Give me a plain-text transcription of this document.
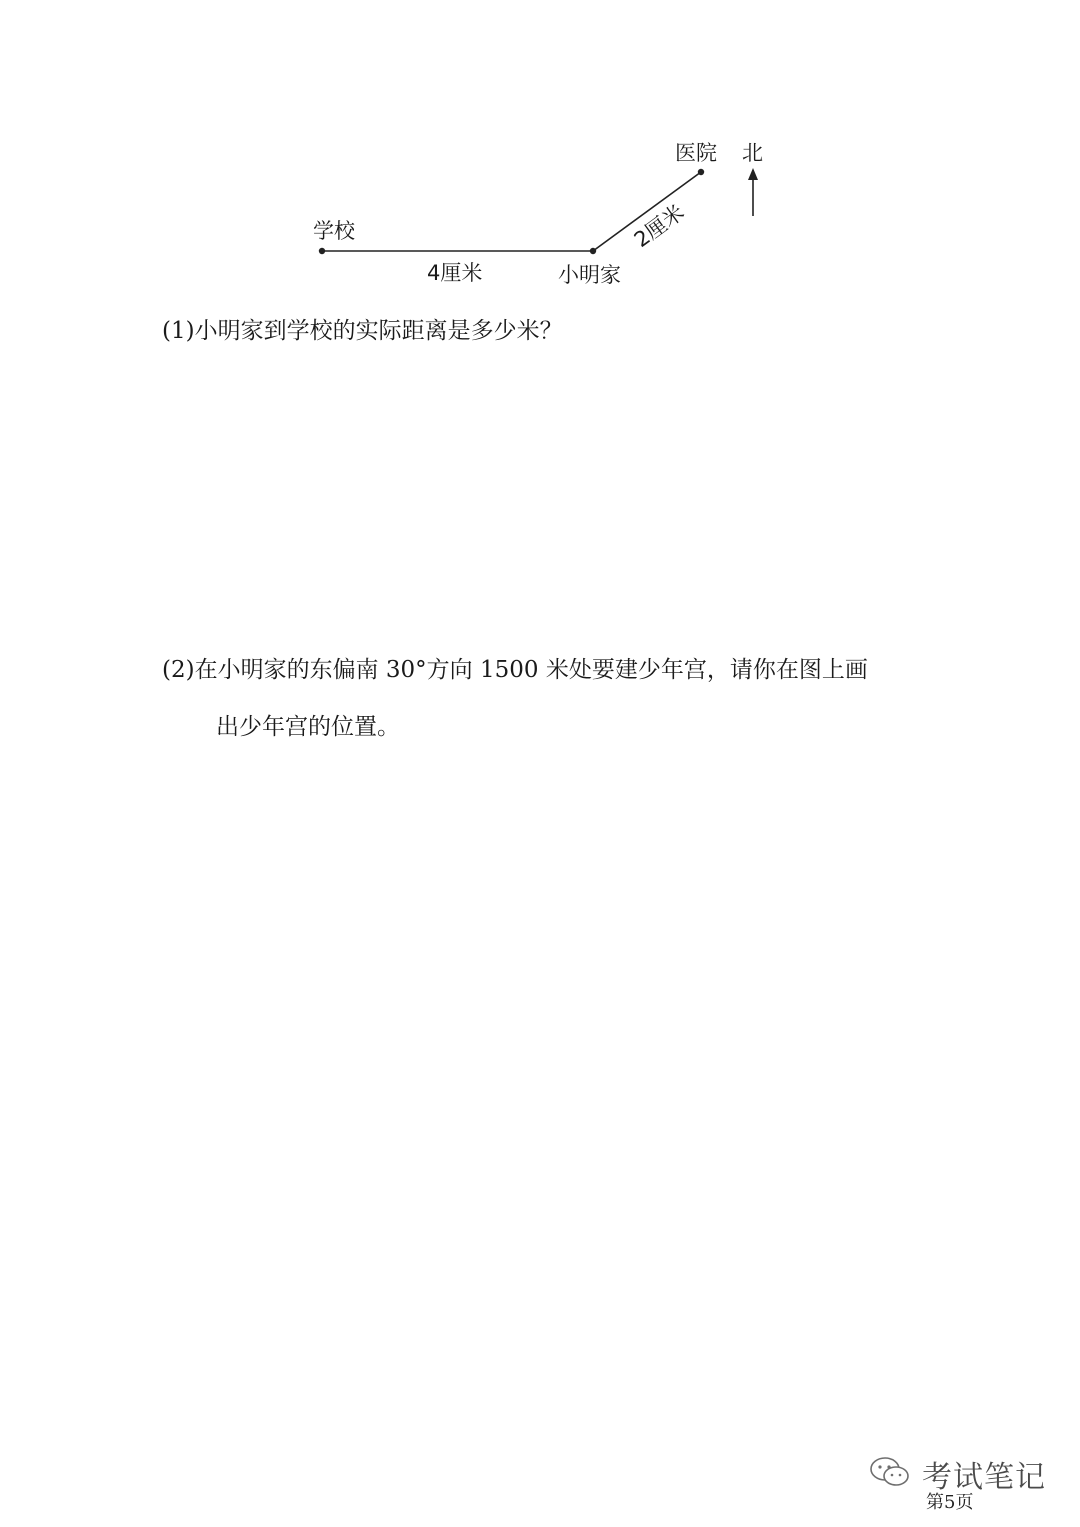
学校
4厘米	小明家
医院 北
2厘米
(1)小明家到学校的实际距离是多少米？
(2)在小明家的东偏南 30°方向 1500 米处要建少年宫，请你在图上画
出少年宫的位置。
第5页
考试笔记
